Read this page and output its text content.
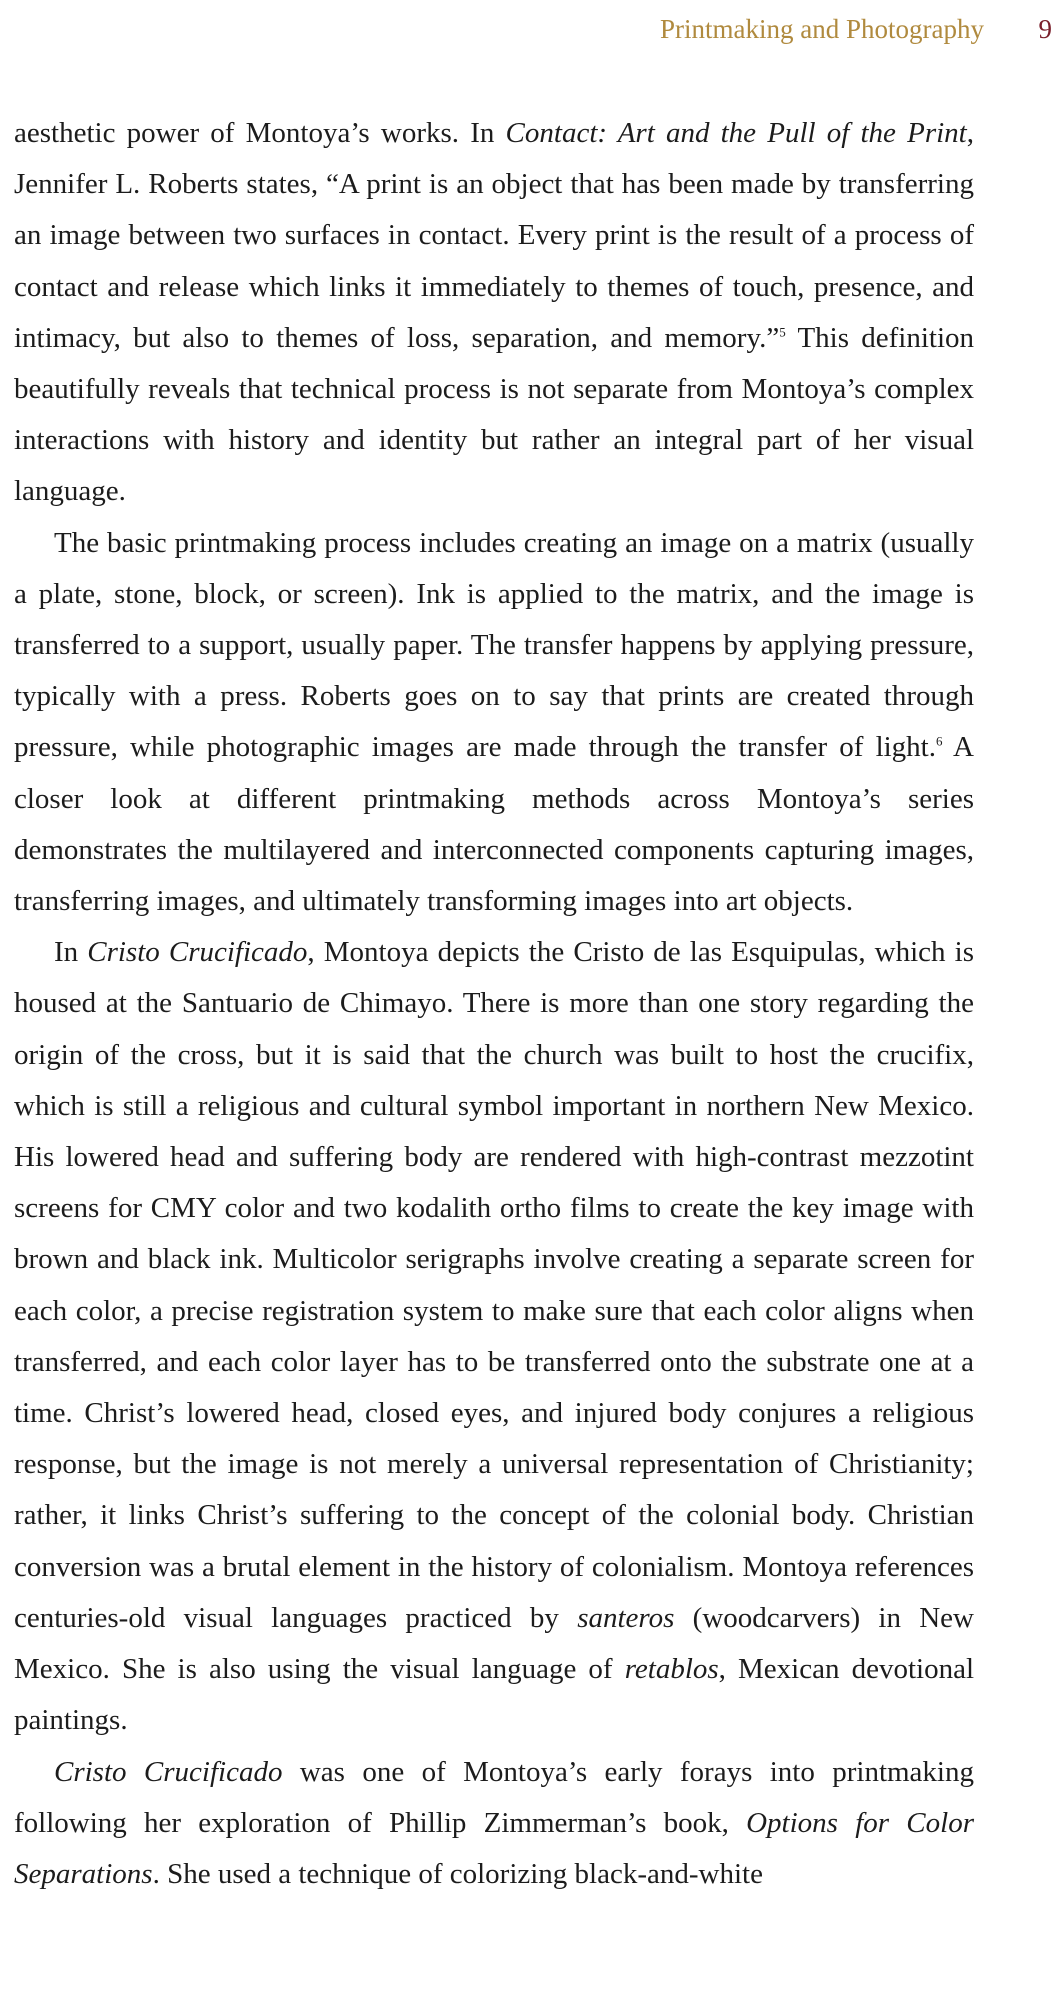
Printmaking and Photography 9

aesthetic power of Montoya’s works. In Contact: Art and the Pull of the Print, Jennifer L. Roberts states, “A print is an object that has been made by transferring an image between two surfaces in contact. Every print is the result of a process of contact and release which links it immediately to themes of touch, presence, and intimacy, but also to themes of loss, separation, and memory.”$^5$ This definition beautifully reveals that technical process is not separate from Montoya’s complex interactions with history and identity but rather an integral part of her visual language.

The basic printmaking process includes creating an image on a matrix (usually a plate, stone, block, or screen). Ink is applied to the matrix, and the image is transferred to a support, usually paper. The transfer happens by applying pressure, typically with a press. Roberts goes on to say that prints are created through pressure, while photographic images are made through the transfer of light.$^6$ A closer look at different printmaking methods across Montoya’s series demonstrates the multilayered and interconnected components capturing images, transferring images, and ultimately transforming images into art objects.

In Cristo Crucificado, Montoya depicts the Cristo de las Esquipulas, which is housed at the Santuario de Chimayo. There is more than one story regarding the origin of the cross, but it is said that the church was built to host the crucifix, which is still a religious and cultural symbol important in northern New Mexico. His lowered head and suffering body are rendered with high-contrast mezzotint screens for CMY color and two kodalith ortho films to create the key image with brown and black ink. Multicolor serigraphs involve creating a separate screen for each color, a precise registration system to make sure that each color aligns when transferred, and each color layer has to be transferred onto the substrate one at a time. Christ’s lowered head, closed eyes, and injured body conjures a religious response, but the image is not merely a universal representation of Christianity; rather, it links Christ’s suffering to the concept of the colonial body. Christian conversion was a brutal element in the history of colonialism. Montoya references centuries-old visual languages practiced by santeros (woodcarvers) in New Mexico. She is also using the visual language of retablos, Mexican devotional paintings.

Cristo Crucificado was one of Montoya’s early forays into printmaking following her exploration of Phillip Zimmerman’s book, Options for Color Separations. She used a technique of colorizing black-and-white
